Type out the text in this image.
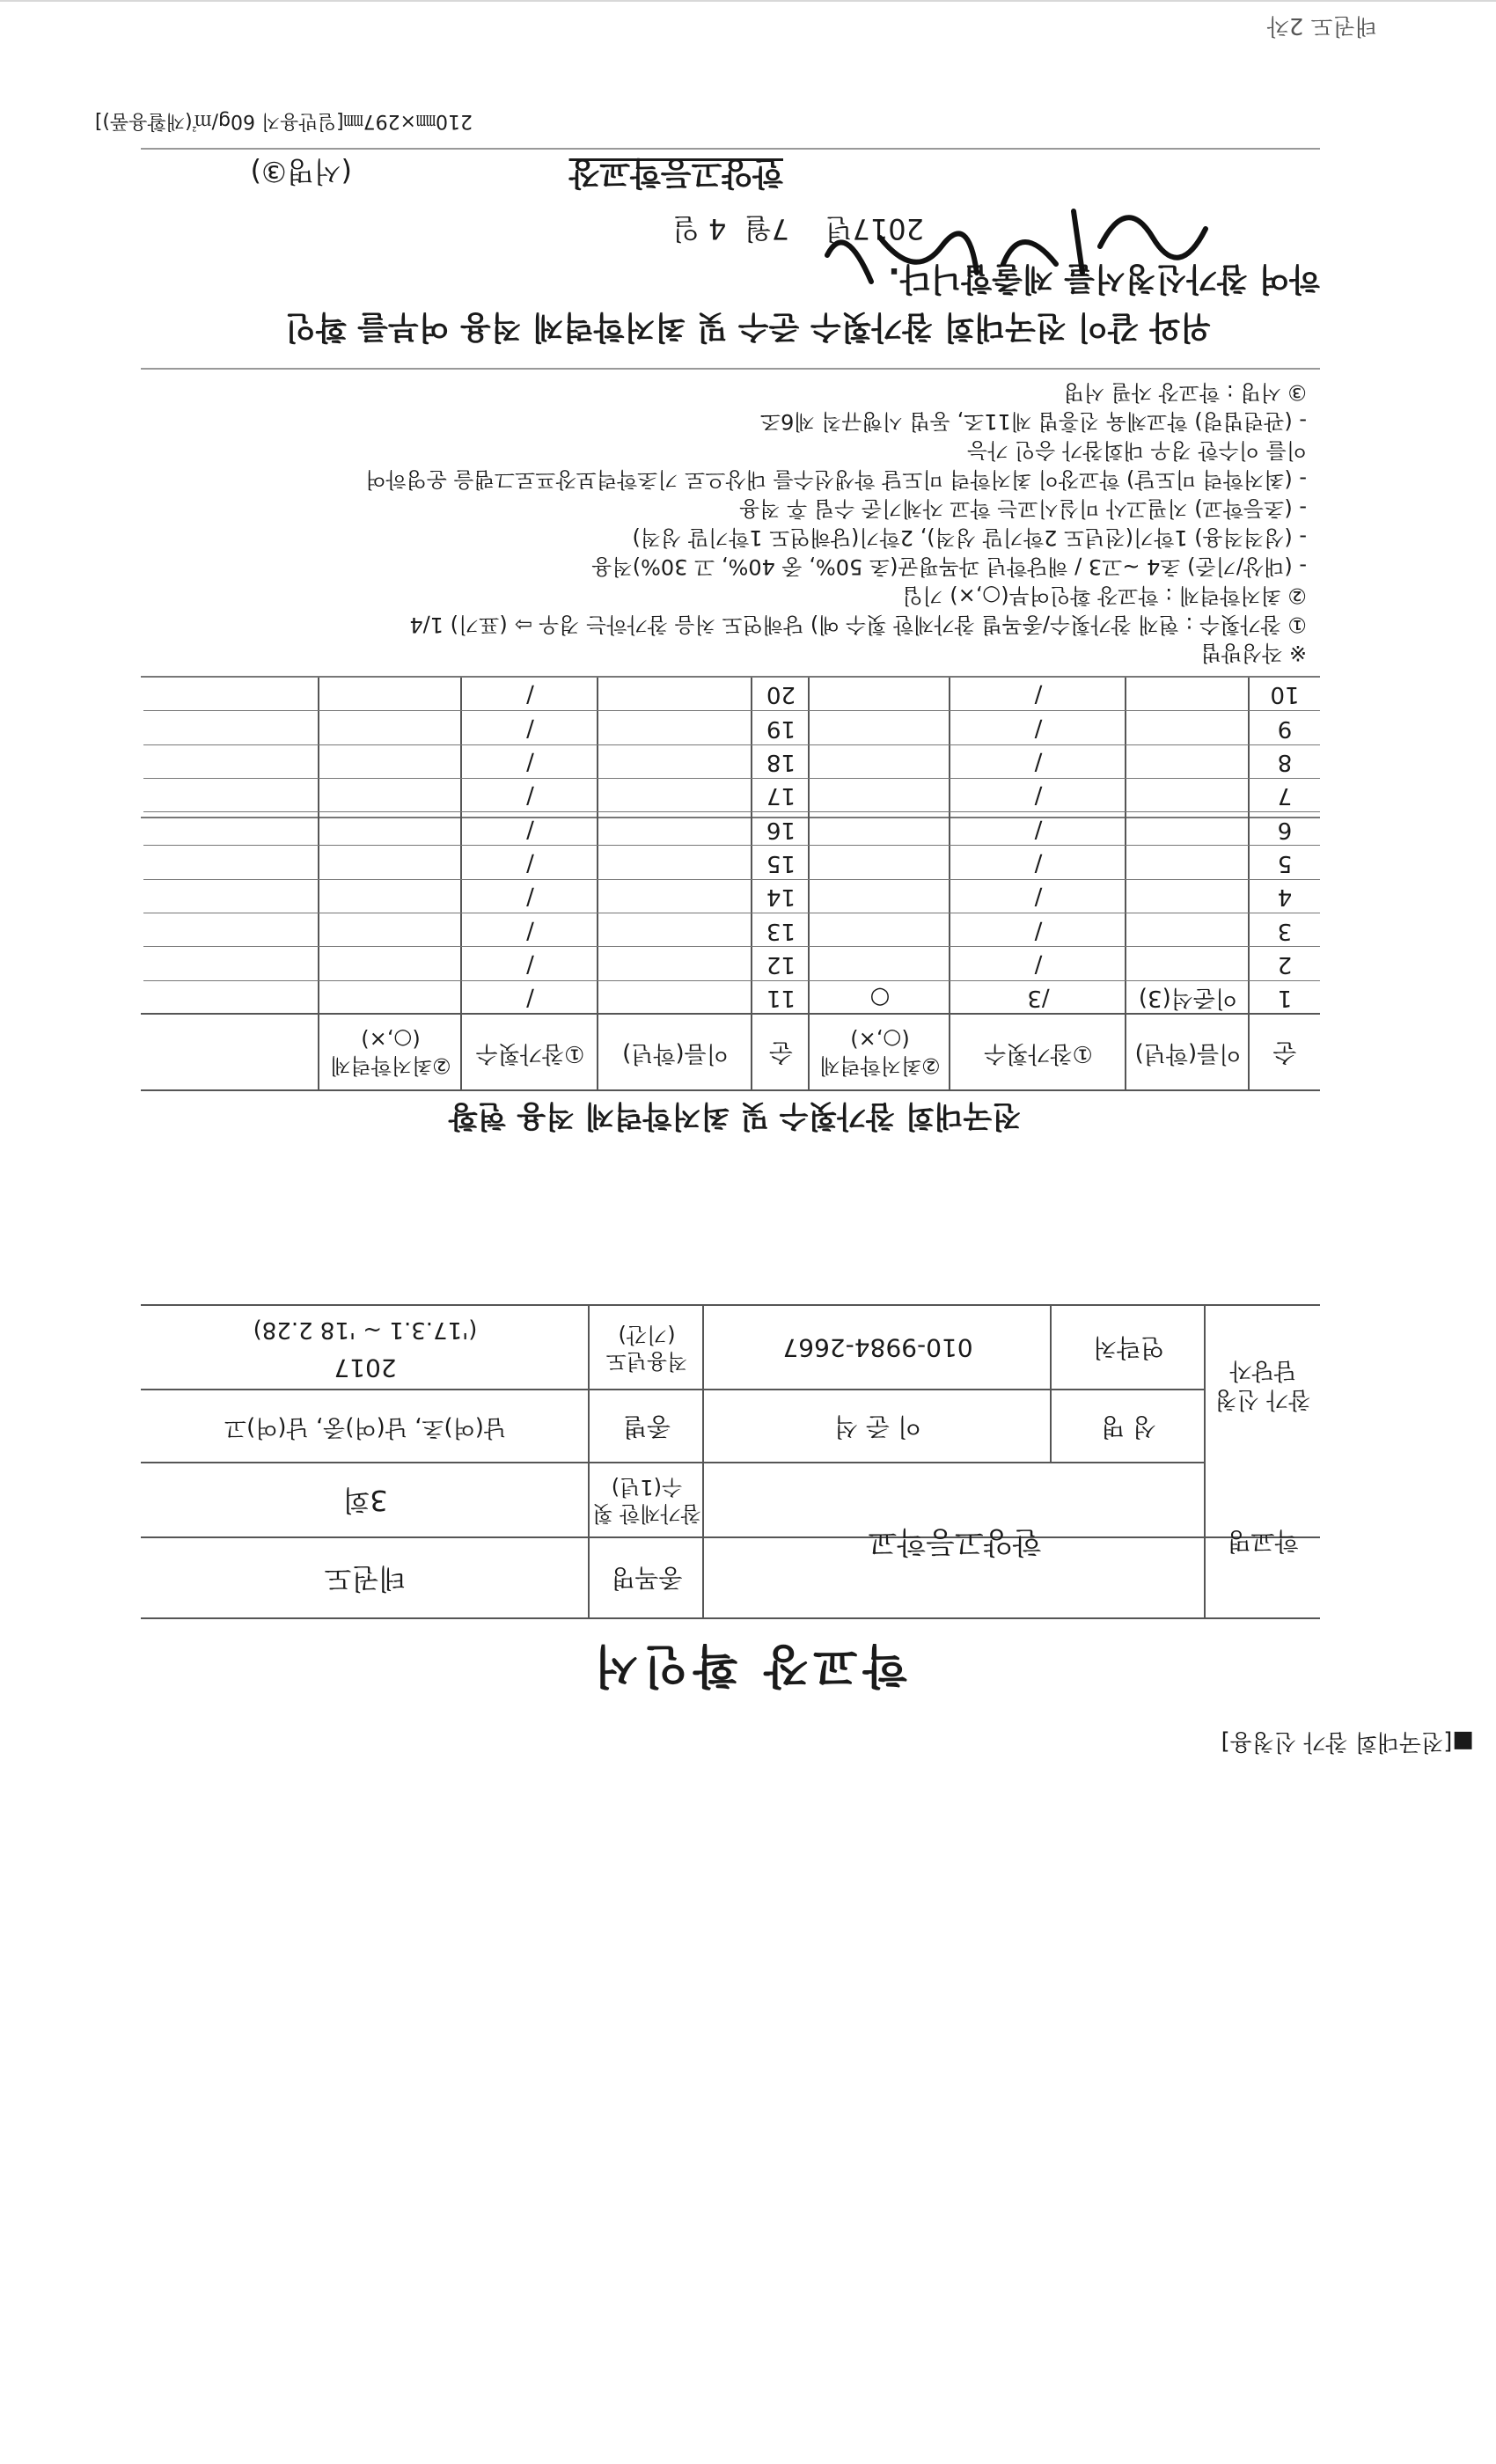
■[전국대회 참가 신청용]
학교장 확인서
학교명
한양고등학교
종목명
테권도
참가제한 횟수(1년)
3회
참가 신청 담당자
성 명
이 준 석
종별
남(여)초, 남(여)중, 남(여)고
연락처
010-9984-2667
적용년도 (기간)
2017
('17.3.1 ~ '18 2.28)
전국대회 참가횟수 및 최저학력제 적용 현황
순
이름(학년)
①참가횟수
②최저학력제 (○,×)
순
이름(학년)
①참가횟수
②최저학력제 (○,×)
1
이준석(3)
/3
○
2
/
3
/
4
/
5
/
6
/
7
/
8
/
9
/
10
/
11
/
12
/
13
/
14
/
15
/
16
/
17
/
18
/
19
/
20
/
※ 작성방법
① 참가횟수 : 현재 참가횟수/종목별 참가제한 횟수 예) 당해연도 처음 참가하는 경우 ⇨ (표기) 1/4
② 최저학력제 : 학교장 확인여부(○,×) 기입
- (대상/기준) 초4 ~고3 / 해당학년 과목평균(초 50%, 중 40%, 고 30%)적용
- (성적적용) 1학기(전년도 2학기말 성적), 2학기(당해연도 1학기말 성적)
- (초등학교) 지필고사 미실시교는 학교 자체기준 수립 후 적용
- (최저학력 미도달) 학교장이 최저학력 미도달 학생선수를 대상으로 기초학력보장프로그램을 운영하여
이를 이수한 경우 대회참가 승인 가능
- (관련법령) 학교체육 진흥법 제11조, 동법 시행규칙 제6조
③ 서명 : 학교장 자필 서명
위와 같이 전국대회 참가횟수 준수 및 최저학력제 적용 여부를 확인
하여 참가신청서를 제출합니다.
2017년    7월  4 일
한양고등학교장
(서명③)
210㎜×297㎜[일반용지 60g/㎡(재활용품)]
태권도 2차
